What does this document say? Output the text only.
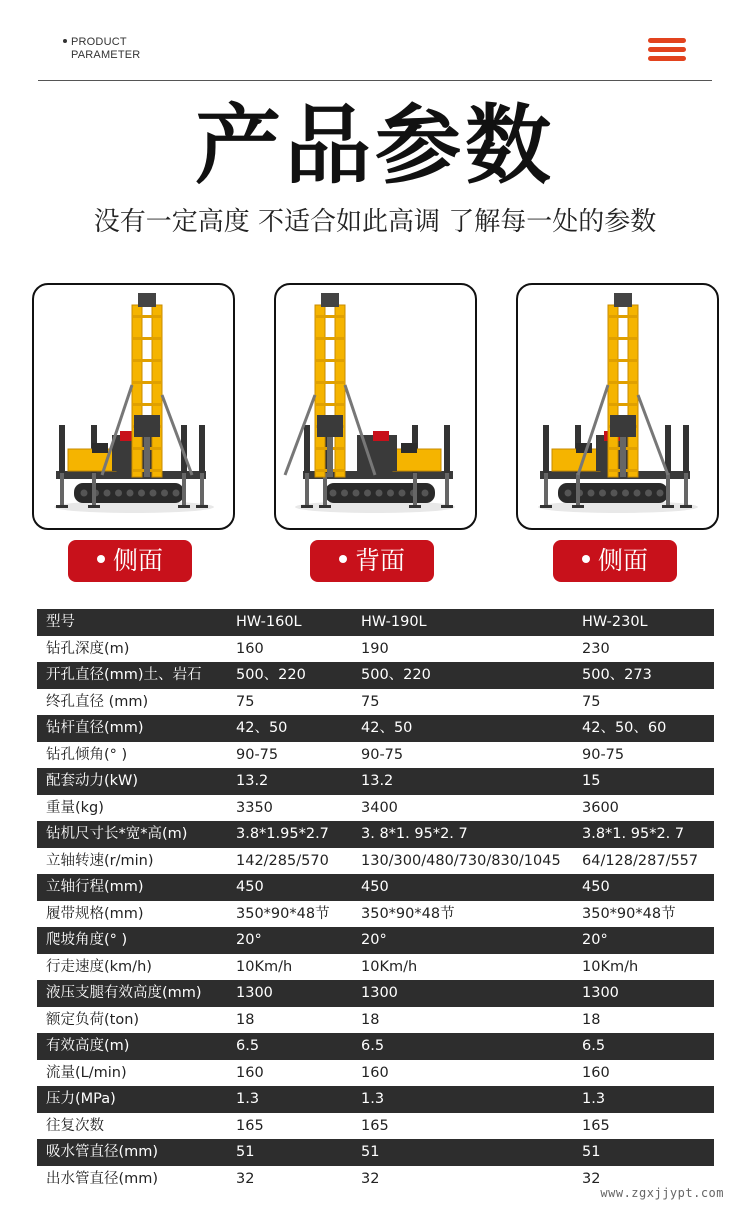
PRODUCT
PARAMETER
产品参数
没有一定高度 不适合如此高调 了解每一处的参数
侧面	背面	侧面
型号	HW-160L	HW-190L	HW-230L
钻孔深度(m)	160	190	230
开孔直径(mm)土、岩石	500、220	500、220	500、273
终孔直径 (mm)	75	75	75
钻杆直径(mm)	42、50	42、50	42、50、60
钻孔倾角(° )	90-75	90-75	90-75
配套动力(kW)	13.2	13.2	15
重量(kg)	3350	3400	3600
钻机尺寸长*宽*高(m)	3.8*1.95*2.7	3. 8*1. 95*2. 7	3.8*1. 95*2. 7
立轴转速(r/min)	142/285/570	130/300/480/730/830/1045	64/128/287/557
立轴行程(mm)	450	450	450
履带规格(mm)	350*90*48节	350*90*48节	350*90*48节
爬坡角度(° )	20°	20°	20°
行走速度(km/h)	10Km/h	10Km/h	10Km/h
液压支腿有效高度(mm)	1300	1300	1300
额定负荷(ton)	18	18	18
有效高度(m)	6.5	6.5	6.5
流量(L/min)	160	160	160
压力(MPa)	1.3	1.3	1.3
往复次数	165	165	165
吸水管直径(mm)	51	51	51
出水管直径(mm)	32	32	32
www.zgxjjypt.com
